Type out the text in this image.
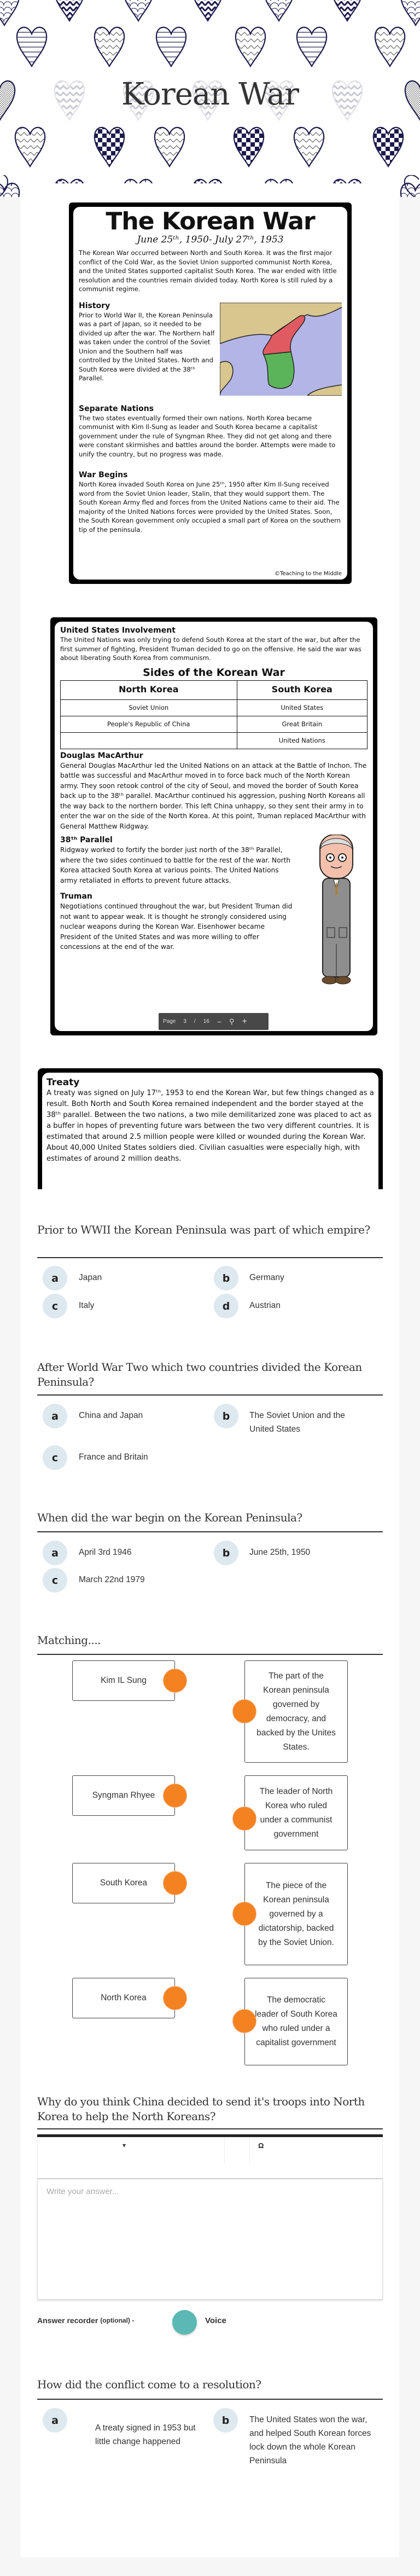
Korean War
The Korean War
June 25ᵗʰ, 1950- July 27ᵗʰ, 1953

The Korean War occurred between North and South Korea. It was the first major conflict of the Cold War, as the Soviet Union supported communist North Korea, and the United States supported capitalist South Korea. The war ended with little resolution and the countries remain divided today. North Korea is still ruled by a communist regime.

History

Prior to World War II, the Korean Peninsula was a part of Japan, so it needed to be divided up after the war. The Northern half was taken under the control of the Soviet Union and the Southern half was controlled by the United States. North and South Korea were divided at the 38ᵗʰ Parallel.

Separate Nations

The two states eventually formed their own nations. North Korea became communist with Kim Il-Sung as leader and South Korea became a capitalist government under the rule of Syngman Rhee. They did not get along and there were constant skirmishes and battles around the border. Attempts were made to unify the country, but no progress was made.

War Begins

North Korea invaded South Korea on June 25ᵗʰ, 1950 after Kim Il-Sung received word from the Soviet Union leader, Stalin, that they would support them. The South Korean Army fled and forces from the United Nations came to their aid. The majority of the United Nations forces were provided by the United States. Soon, the South Korean government only occupied a small part of Korea on the southern tip of the peninsula.

©Teaching to the Middle
United States Involvement

The United Nations was only trying to defend South Korea at the start of the war, but after the first summer of fighting, President Truman decided to go on the offensive. He said the war was about liberating South Korea from communism.

Sides of the Korean War
North Korea	South Korea
Soviet Union	United States
People's Republic of China	Great Britain
	United Nations
Douglas MacArthur

General Douglas MacArthur led the United Nations on an attack at the Battle of Inchon. The battle was successful and MacArthur moved in to force back much of the North Korean army. They soon retook control of the city of Seoul, and moved the border of South Korea back up to the 38ᵗʰ parallel. MacArthur continued his aggression, pushing North Koreans all the way back to the northern border. This left China unhappy, so they sent their army in to enter the war on the side of the North Korea. At this point, Truman replaced MacArthur with General Matthew Ridgway.

38ᵗʰ Parallel

Ridgway worked to fortify the border just north of the 38ᵗʰ Parallel, where the two sides continued to battle for the rest of the war. North Korea attacked South Korea at various points. The United Nations army retaliated in efforts to prevent future attacks.

Truman

Negotiations continued throughout the war, but President Truman did not want to appear weak. It is thought he strongly considered using nuclear weapons during the Korean War. Eisenhower became President of the United States and was more willing to offer concessions at the end of the war.

Page 3 / 16 − ⚲ +
Treaty

A treaty was signed on July 17ᵗʰ, 1953 to end the Korean War, but few things changed as a result. Both North and South Korea remained independent and the border stayed at the 38ᵗʰ parallel. Between the two nations, a two mile demilitarized zone was placed to act as a buffer in hopes of preventing future wars between the two very different countries. It is estimated that around 2.5 million people were killed or wounded during the Korean War. About 40,000 United States soldiers died. Civilian casualties were especially high, with estimates of around 2 million deaths.

Prior to WWII the Korean Peninsula was part of which empire?
a	Japan	b	Germany
c	Italy	d	Austrian
After World War Two which two countries divided the Korean Peninsula?
a	China and Japan	b	The Soviet Union and the United States
c	France and Britain
When did the war begin on the Korean Peninsula?
a	April 3rd 1946	b	June 25th, 1950
c	March 22nd 1979
Matching....
Kim IL Sung	The part of the Korean peninsula governed by democracy, and backed by the Unites States.
Syngman Rhyee	The leader of North Korea who ruled under a communist government
South Korea	The piece of the Korean peninsula governed by a dictatorship, backed by the Soviet Union.
North Korea	The democratic leader of South Korea who ruled under a capitalist government
Why do you think China decided to send it's troops into North Korea to help the North Koreans?
▾	Ω
Write your answer...
Answer recorder (optional) -	Voice
How did the conflict come to a resolution?
a
A treaty signed in 1953 but little change happened
b	The United States won the war, and helped South Korean forces lock down the whole Korean Peninsula
